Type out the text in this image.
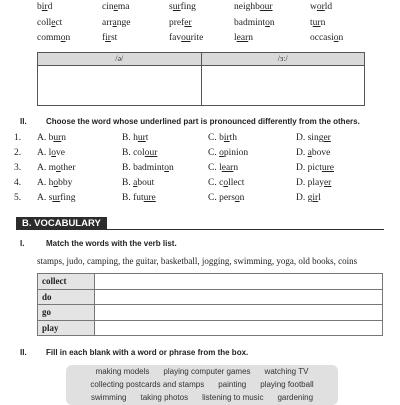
bird	cinema	surfing	neighbour	world
collect	arrange	prefer	badminton	turn
common	first	favourite	learn	occasion
/ə/	/ɜː/
II. Choose the word whose underlined part is pronounced differently from the others.
1.	A. burn	B. hurt	C. birth	D. singer
2.	A. love	B. colour	C. opinion	D. above
3.	A. mother	B. badminton	C. learn	D. picture
4.	A. hobby	B. about	C. collect	D. player
5.	A. surfing	B. future	C. person	D. girl
B. VOCABULARY
I.	Match the words with the verb list.
stamps, judo, camping, the guitar, basketball, jogging, swimming, yoga, old books, coins
collect	
do	
go	
play	
II. Fill in each blank with a word or phrase from the box.
making models playing computer games watching TV
collecting postcards and stamps painting playing football
swimming taking photos listening to music gardening
